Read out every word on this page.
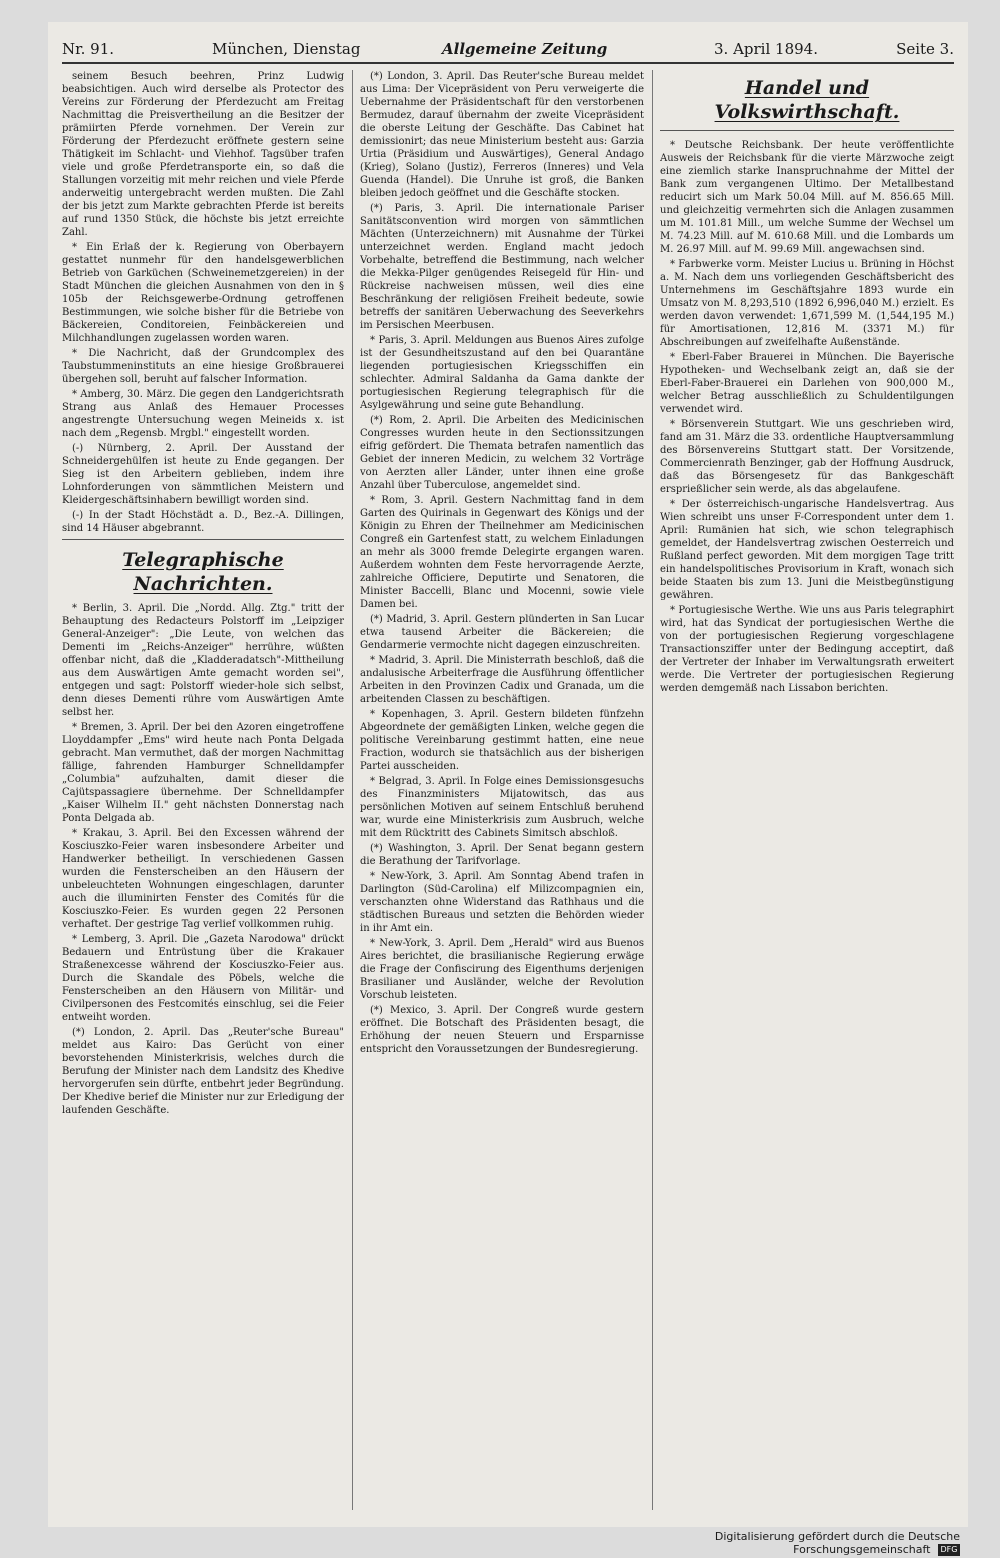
Nr. 91.	München, Dienstag	Allgemeine Zeitung	3. April 1894.	Seite 3.

seinem Besuch beehren, Prinz Ludwig beabsichtigen. Auch wird derselbe als Protector des Vereins zur Förderung der Pferdezucht am Freitag Nachmittag die Preisvertheilung an die Besitzer der prämiirten Pferde vornehmen. Der Verein zur Förderung der Pferdezucht eröffnete gestern seine Thätigkeit im Schlacht- und Viehhof. Tagsüber trafen viele und große Pferdetransporte ein, so daß die Stallungen vorzeitig mit mehr reichen und viele Pferde anderweitig untergebracht werden mußten. Die Zahl der bis jetzt zum Markte gebrachten Pferde ist bereits auf rund 1350 Stück, die höchste bis jetzt erreichte Zahl.

* Ein Erlaß der k. Regierung von Oberbayern gestattet nunmehr für den handelsgewerblichen Betrieb von Garküchen (Schweinemetzgereien) in der Stadt München die gleichen Ausnahmen von den in § 105b der Reichsgewerbe-Ordnung getroffenen Bestimmungen, wie solche bisher für die Betriebe von Bäckereien, Conditoreien, Feinbäckereien und Milchhandlungen zugelassen worden waren.

* Die Nachricht, daß der Grundcomplex des Taubstummeninstituts an eine hiesige Großbrauerei übergehen soll, beruht auf falscher Information.

* Amberg, 30. März. Die gegen den Landgerichtsrath Strang aus Anlaß des Hemauer Processes angestrengte Untersuchung wegen Meineids x. ist nach dem „Regensb. Mrgbl." eingestellt worden.

(-) Nürnberg, 2. April. Der Ausstand der Schneidergehülfen ist heute zu Ende gegangen. Der Sieg ist den Arbeitern geblieben, indem ihre Lohnforderungen von sämmtlichen Meistern und Kleidergeschäftsinhabern bewilligt worden sind.

(-) In der Stadt Höchstädt a. D., Bez.-A. Dillingen, sind 14 Häuser abgebrannt.

Telegraphische Nachrichten.

* Berlin, 3. April. Die „Nordd. Allg. Ztg." tritt der Behauptung des Redacteurs Polstorff im „Leipziger General-Anzeiger": „Die Leute, von welchen das Dementi im „Reichs-Anzeiger" herrühre, wüßten offenbar nicht, daß die „Kladderadatsch"-Mittheilung aus dem Auswärtigen Amte gemacht worden sei", entgegen und sagt: Polstorff wieder-hole sich selbst, denn dieses Dementi rühre vom Auswärtigen Amte selbst her.

* Bremen, 3. April. Der bei den Azoren eingetroffene Lloyddampfer „Ems" wird heute nach Ponta Delgada gebracht. Man vermuthet, daß der morgen Nachmittag fällige, fahrenden Hamburger Schnelldampfer „Columbia" aufzuhalten, damit dieser die Cajütspassagiere übernehme. Der Schnelldampfer „Kaiser Wilhelm II." geht nächsten Donnerstag nach Ponta Delgada ab.

* Krakau, 3. April. Bei den Excessen während der Kosciuszko-Feier waren insbesondere Arbeiter und Handwerker betheiligt. In verschiedenen Gassen wurden die Fensterscheiben an den Häusern der unbeleuchteten Wohnungen eingeschlagen, darunter auch die illuminirten Fenster des Comités für die Kosciuszko-Feier. Es wurden gegen 22 Personen verhaftet. Der gestrige Tag verlief vollkommen ruhig.

* Lemberg, 3. April. Die „Gazeta Narodowa" drückt Bedauern und Entrüstung über die Krakauer Straßenexcesse während der Kosciuszko-Feier aus. Durch die Skandale des Pöbels, welche die Fensterscheiben an den Häusern von Militär- und Civilpersonen des Festcomités einschlug, sei die Feier entweiht worden.

(*) London, 2. April. Das „Reuter'sche Bureau" meldet aus Kairo: Das Gerücht von einer bevorstehenden Ministerkrisis, welches durch die Berufung der Minister nach dem Landsitz des Khedive hervorgerufen sein dürfte, entbehrt jeder Begründung. Der Khedive berief die Minister nur zur Erledigung der laufenden Geschäfte.

(*) London, 3. April. Das Reuter'sche Bureau meldet aus Lima: Der Vicepräsident von Peru verweigerte die Uebernahme der Präsidentschaft für den verstorbenen Bermudez, darauf übernahm der zweite Vicepräsident die oberste Leitung der Geschäfte. Das Cabinet hat demissionirt; das neue Ministerium besteht aus: Garzia Urtia (Präsidium und Auswärtiges), General Andago (Krieg), Solano (Justiz), Ferreros (Inneres) und Vela Guenda (Handel). Die Unruhe ist groß, die Banken bleiben jedoch geöffnet und die Geschäfte stocken.

(*) Paris, 3. April. Die internationale Pariser Sanitätsconvention wird morgen von sämmtlichen Mächten (Unterzeichnern) mit Ausnahme der Türkei unterzeichnet werden. England macht jedoch Vorbehalte, betreffend die Bestimmung, nach welcher die Mekka-Pilger genügendes Reisegeld für Hin- und Rückreise nachweisen müssen, weil dies eine Beschränkung der religiösen Freiheit bedeute, sowie betreffs der sanitären Ueberwachung des Seeverkehrs im Persischen Meerbusen.

* Paris, 3. April. Meldungen aus Buenos Aires zufolge ist der Gesundheitszustand auf den bei Quarantäne liegenden portugiesischen Kriegsschiffen ein schlechter. Admiral Saldanha da Gama dankte der portugiesischen Regierung telegraphisch für die Asylgewährung und seine gute Behandlung.

(*) Rom, 2. April. Die Arbeiten des Medicinischen Congresses wurden heute in den Sectionssitzungen eifrig gefördert. Die Themata betrafen namentlich das Gebiet der inneren Medicin, zu welchem 32 Vorträge von Aerzten aller Länder, unter ihnen eine große Anzahl über Tuberculose, angemeldet sind.

* Rom, 3. April. Gestern Nachmittag fand in dem Garten des Quirinals in Gegenwart des Königs und der Königin zu Ehren der Theilnehmer am Medicinischen Congreß ein Gartenfest statt, zu welchem Einladungen an mehr als 3000 fremde Delegirte ergangen waren. Außerdem wohnten dem Feste hervorragende Aerzte, zahlreiche Officiere, Deputirte und Senatoren, die Minister Baccelli, Blanc und Mocenni, sowie viele Damen bei.

(*) Madrid, 3. April. Gestern plünderten in San Lucar etwa tausend Arbeiter die Bäckereien; die Gendarmerie vermochte nicht dagegen einzuschreiten.

* Madrid, 3. April. Die Ministerrath beschloß, daß die andalusische Arbeiterfrage die Ausführung öffentlicher Arbeiten in den Provinzen Cadix und Granada, um die arbeitenden Classen zu beschäftigen.

* Kopenhagen, 3. April. Gestern bildeten fünfzehn Abgeordnete der gemäßigten Linken, welche gegen die politische Vereinbarung gestimmt hatten, eine neue Fraction, wodurch sie thatsächlich aus der bisherigen Partei ausscheiden.

* Belgrad, 3. April. In Folge eines Demissionsgesuchs des Finanzministers Mijatowitsch, das aus persönlichen Motiven auf seinem Entschluß beruhend war, wurde eine Ministerkrisis zum Ausbruch, welche mit dem Rücktritt des Cabinets Simitsch abschloß.

(*) Washington, 3. April. Der Senat begann gestern die Berathung der Tarifvorlage.

* New-York, 3. April. Am Sonntag Abend trafen in Darlington (Süd-Carolina) elf Milizcompagnien ein, verschanzten ohne Widerstand das Rathhaus und die städtischen Bureaus und setzten die Behörden wieder in ihr Amt ein.

* New-York, 3. April. Dem „Herald" wird aus Buenos Aires berichtet, die brasilianische Regierung erwäge die Frage der Confiscirung des Eigenthums derjenigen Brasilianer und Ausländer, welche der Revolution Vorschub leisteten.

(*) Mexico, 3. April. Der Congreß wurde gestern eröffnet. Die Botschaft des Präsidenten besagt, die Erhöhung der neuen Steuern und Ersparnisse entspricht den Voraussetzungen der Bundesregierung.

Handel und Volkswirthschaft.

* Deutsche Reichsbank. Der heute veröffentlichte Ausweis der Reichsbank für die vierte Märzwoche zeigt eine ziemlich starke Inanspruchnahme der Mittel der Bank zum vergangenen Ultimo. Der Metallbestand reducirt sich um Mark 50.04 Mill. auf M. 856.65 Mill. und gleichzeitig vermehrten sich die Anlagen zusammen um M. 101.81 Mill., um welche Summe der Wechsel um M. 74.23 Mill. auf M. 610.68 Mill. und die Lombards um M. 26.97 Mill. auf M. 99.69 Mill. angewachsen sind.

* Farbwerke vorm. Meister Lucius u. Brüning in Höchst a. M. Nach dem uns vorliegenden Geschäftsbericht des Unternehmens im Geschäftsjahre 1893 wurde ein Umsatz von M. 8,293,510 (1892 6,996,040 M.) erzielt. Es werden davon verwendet: 1,671,599 M. (1,544,195 M.) für Amortisationen, 12,816 M. (3371 M.) für Abschreibungen auf zweifelhafte Außenstände.

* Eberl-Faber Brauerei in München. Die Bayerische Hypotheken- und Wechselbank zeigt an, daß sie der Eberl-Faber-Brauerei ein Darlehen von 900,000 M., welcher Betrag ausschließlich zu Schuldentilgungen verwendet wird.

* Börsenverein Stuttgart. Wie uns geschrieben wird, fand am 31. März die 33. ordentliche Hauptversammlung des Börsenvereins Stuttgart statt. Der Vorsitzende, Commercienrath Benzinger, gab der Hoffnung Ausdruck, daß das Börsengesetz für das Bankgeschäft ersprießlicher sein werde, als das abgelaufene.

* Der österreichisch-ungarische Handelsvertrag. Aus Wien schreibt uns unser F-Correspondent unter dem 1. April: Rumänien hat sich, wie schon telegraphisch gemeldet, der Handelsvertrag zwischen Oesterreich und Rußland perfect geworden. Mit dem morgigen Tage tritt ein handelspolitisches Provisorium in Kraft, wonach sich beide Staaten bis zum 13. Juni die Meistbegünstigung gewähren.

* Portugiesische Werthe. Wie uns aus Paris telegraphirt wird, hat das Syndicat der portugiesischen Werthe die von der portugiesischen Regierung vorgeschlagene Transactionsziffer unter der Bedingung acceptirt, daß der Vertreter der Inhaber im Verwaltungsrath erweitert werde. Die Vertreter der portugiesischen Regierung werden demgemäß nach Lissabon berichten.

Digitalisierung gefördert durch die Deutsche Forschungsgemeinschaft DFG
